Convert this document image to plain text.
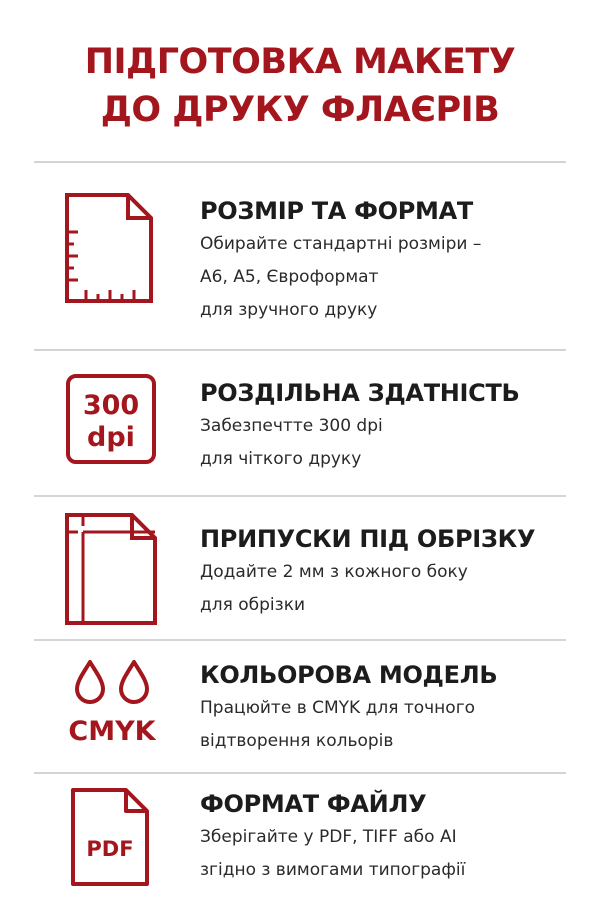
ПІДГОТОВКА МАКЕТУ
ДО ДРУКУ ФЛАЄРІВ
РОЗМІР ТА ФОРМАТ
Обирайте стандартні розміри –
А6, А5, Євроформат
для зручного друку
300
dpi
РОЗДІЛЬНА ЗДАТНІСТЬ
Забезпечтте 300 dpi
для чіткого друку
ПРИПУСКИ ПІД ОБРІЗКУ
Додайте 2 мм з кожного боку
для обрізки
CMYK
КОЛЬОРОВА МОДЕЛЬ
Працюйте в CMYK для точного
відтворення кольорів
PDF
ФОРМАТ ФАЙЛУ
Зберігайте у PDF, TIFF або AI
згідно з вимогами типографії
